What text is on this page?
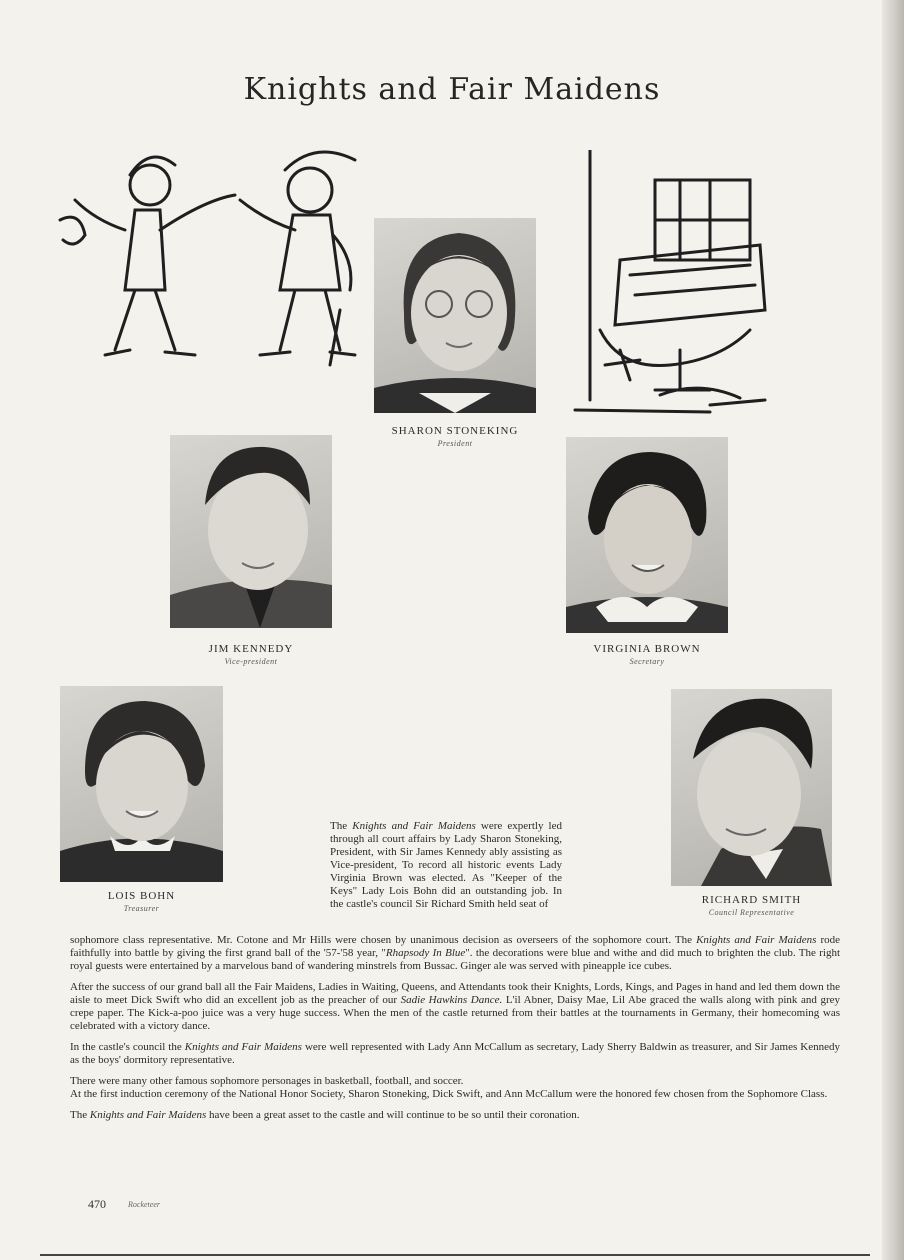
Knights and Fair Maidens
SHARON STONEKING
President
JIM KENNEDY
Vice-president
VIRGINIA BROWN
Secretary
LOIS BOHN
Treasurer
RICHARD SMITH
Council Representative
The Knights and Fair Maidens were expertly led through all court affairs by Lady Sharon Stoneking, President, with Sir James Kennedy ably assisting as Vice-president, To record all historic events Lady Virginia Brown was elected. As "Keeper of the Keys" Lady Lois Bohn did an outstanding job. In the castle's council Sir Richard Smith held seat of

sophomore class representative. Mr. Cotone and Mr Hills were chosen by unanimous decision as overseers of the sophomore court. The Knights and Fair Maidens rode faithfully into battle by giving the first grand ball of the '57-'58 year, "Rhapsody In Blue". the decorations were blue and withe and did much to brighten the club. The right royal guests were entertained by a marvelous band of wandering minstrels from Bussac. Ginger ale was served with pineapple ice cubes.

After the success of our grand ball all the Fair Maidens, Ladies in Waiting, Queens, and Attendants took their Knights, Lords, Kings, and Pages in hand and led them down the aisle to meet Dick Swift who did an excellent job as the preacher of our Sadie Hawkins Dance. L'il Abner, Daisy Mae, Lil Abe graced the walls along with pink and grey crepe paper. The Kick-a-poo juice was a very huge success. When the men of the castle returned from their battles at the tournaments in Germany, their homecoming was celebrated with a victory dance.

In the castle's council the Knights and Fair Maidens were well represented with Lady Ann McCallum as secretary, Lady Sherry Baldwin as treasurer, and Sir James Kennedy as the boys' dormitory representative.

There were many other famous sophomore personages in basketball, football, and soccer.

At the first induction ceremony of the National Honor Society, Sharon Stoneking, Dick Swift, and Ann McCallum were the honored few chosen from the Sophomore Class.

The Knights and Fair Maidens have been a great asset to the castle and will continue to be so until their coronation.

470	Rocketeer
